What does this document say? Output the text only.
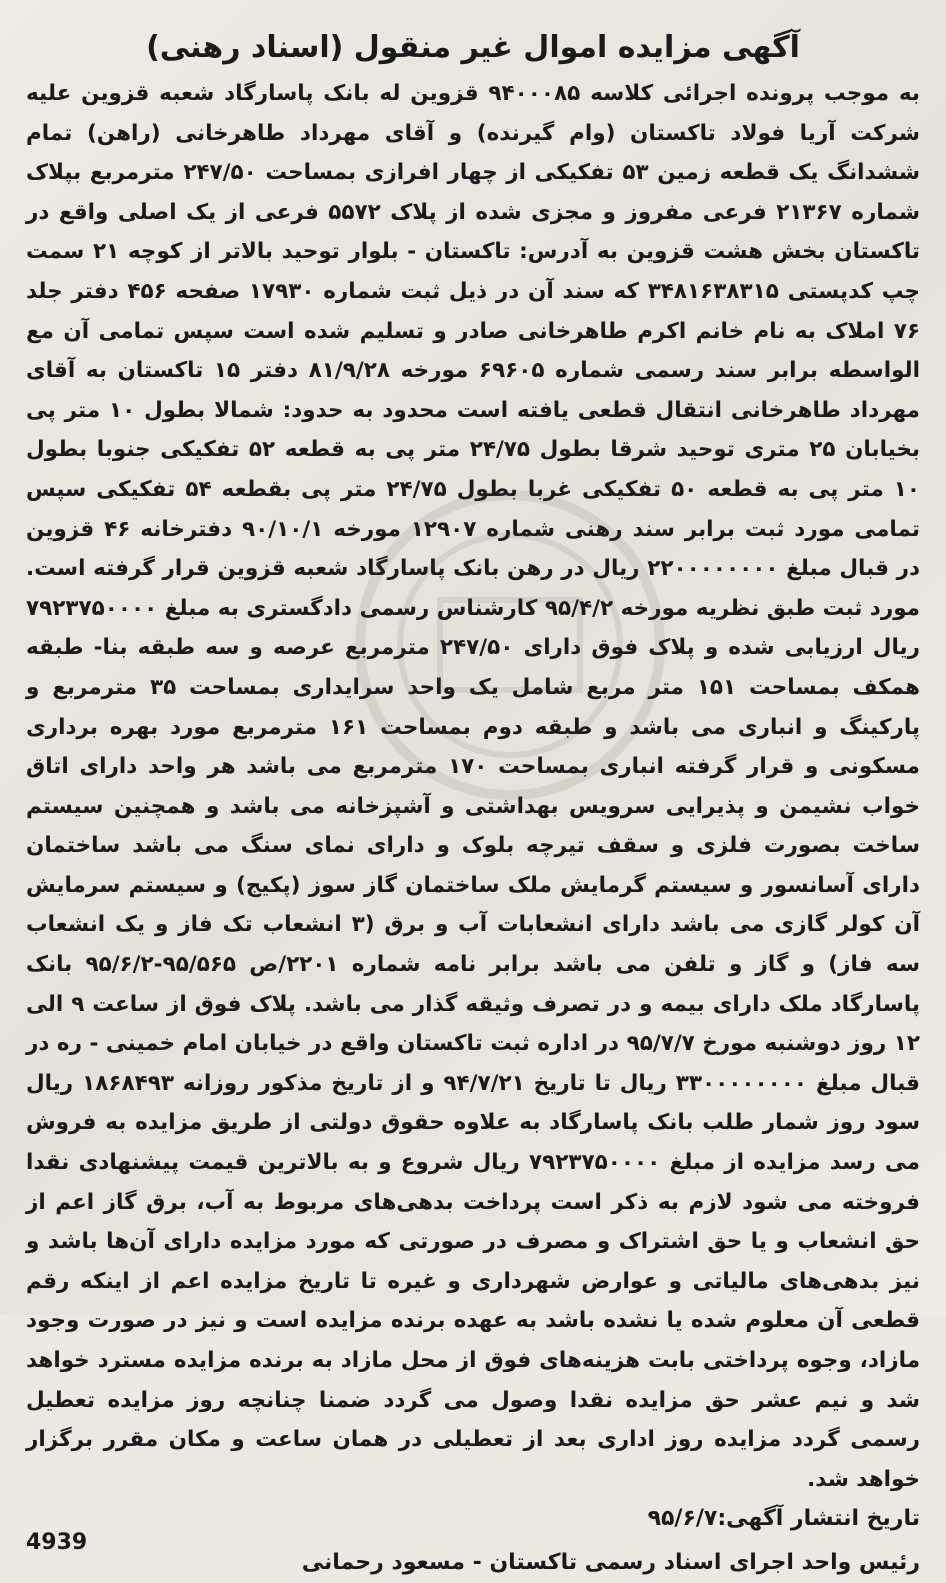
آگهی مزایده اموال غیر منقول (اسناد رهنی)

به موجب پرونده اجرائی کلاسه ۹۴۰۰۰۸۵ قزوین له بانک پاسارگاد شعبه قزوین علیه شرکت آریا فولاد تاکستان (وام گیرنده) و آقای مهرداد طاهرخانی (راهن) تمام ششدانگ یک قطعه زمین ۵۳ تفکیکی از چهار افرازی بمساحت ۲۴۷/۵۰ مترمربع بپلاک شماره ۲۱۳۶۷ فرعی مفروز و مجزی شده از پلاک ۵۵۷۲ فرعی از یک اصلی واقع در تاکستان بخش هشت قزوین به آدرس: تاکستان - بلوار توحید بالاتر از کوچه ۲۱ سمت چپ کدپستی ۳۴۸۱۶۳۸۳۱۵ که سند آن در ذیل ثبت شماره ۱۷۹۳۰ صفحه ۴۵۶ دفتر جلد ۷۶ املاک به نام خانم اکرم طاهرخانی صادر و تسلیم شده است سپس تمامی آن مع الواسطه برابر سند رسمی شماره ۶۹۶۰۵ مورخه ۸۱/۹/۲۸ دفتر ۱۵ تاکستان به آقای مهرداد طاهرخانی انتقال قطعی یافته است محدود به حدود: شمالا بطول ۱۰ متر پی بخیابان ۲۵ متری توحید شرقا بطول ۲۴/۷۵ متر پی به قطعه ۵۲ تفکیکی جنوبا بطول ۱۰ متر پی به قطعه ۵۰ تفکیکی غربا بطول ۲۴/۷۵ متر پی بقطعه ۵۴ تفکیکی سپس تمامی مورد ثبت برابر سند رهنی شماره ۱۲۹۰۷ مورخه ۹۰/۱۰/۱ دفترخانه ۴۶ قزوین در قبال مبلغ ۲۲۰۰۰۰۰۰۰۰ ریال در رهن بانک پاسارگاد شعبه قزوین قرار گرفته است. مورد ثبت طبق نظریه مورخه ۹۵/۴/۲ کارشناس رسمی دادگستری به مبلغ ۷۹۲۳۷۵۰۰۰۰ ریال ارزیابی شده و پلاک فوق دارای ۲۴۷/۵۰ مترمربع عرصه و سه طبقه بنا- طبقه همکف بمساحت ۱۵۱ متر مربع شامل یک واحد سرایداری بمساحت ۳۵ مترمربع و پارکینگ و انباری می باشد و طبقه دوم بمساحت ۱۶۱ مترمربع مورد بهره برداری مسکونی و قرار گرفته انباری بمساحت ۱۷۰ مترمربع می باشد هر واحد دارای اتاق خواب نشیمن و پذیرایی سرویس بهداشتی و آشپزخانه می باشد و همچنین سیستم ساخت بصورت فلزی و سقف تیرچه بلوک و دارای نمای سنگ می باشد ساختمان دارای آسانسور و سیستم گرمایش ملک ساختمان گاز سوز (پکیج) و سیستم سرمایش آن کولر گازی می باشد دارای انشعابات آب و برق (۳ انشعاب تک فاز و یک انشعاب سه فاز) و گاز و تلفن می باشد برابر نامه شماره ۲۲۰۱/ص ۹۵/۵۶۵-۹۵/۶/۲ بانک پاسارگاد ملک دارای بیمه و در تصرف وثیقه گذار می باشد. پلاک فوق از ساعت ۹ الی ۱۲ روز دوشنبه مورخ ۹۵/۷/۷ در اداره ثبت تاکستان واقع در خیابان امام خمینی - ره در قبال مبلغ ۳۳۰۰۰۰۰۰۰۰ ریال تا تاریخ ۹۴/۷/۲۱ و از تاریخ مذکور روزانه ۱۸۶۸۴۹۳ ریال سود روز شمار طلب بانک پاسارگاد به علاوه حقوق دولتی از طریق مزایده به فروش می رسد مزایده از مبلغ ۷۹۲۳۷۵۰۰۰۰ ریال شروع و به بالاترین قیمت پیشنهادی نقدا فروخته می شود لازم به ذکر است پرداخت بدهی‌های مربوط به آب، برق گاز اعم از حق انشعاب و یا حق اشتراک و مصرف در صورتی که مورد مزایده دارای آن‌ها باشد و نیز بدهی‌های مالیاتی و عوارض شهرداری و غیره تا تاریخ مزایده اعم از اینکه رقم قطعی آن معلوم شده یا نشده باشد به عهده برنده مزایده است و نیز در صورت وجود مازاد، وجوه پرداختی بابت هزینه‌های فوق از محل مازاد به برنده مزایده مسترد خواهد شد و نیم عشر حق مزایده نقدا وصول می گردد ضمنا چنانچه روز مزایده تعطیل رسمی گردد مزایده روز اداری بعد از تعطیلی در همان ساعت و مکان مقرر برگزار خواهد شد.

تاریخ انتشار آگهی:۹۵/۶/۷
رئیس واحد اجرای اسناد رسمی تاکستان - مسعود رحمانی
4939
